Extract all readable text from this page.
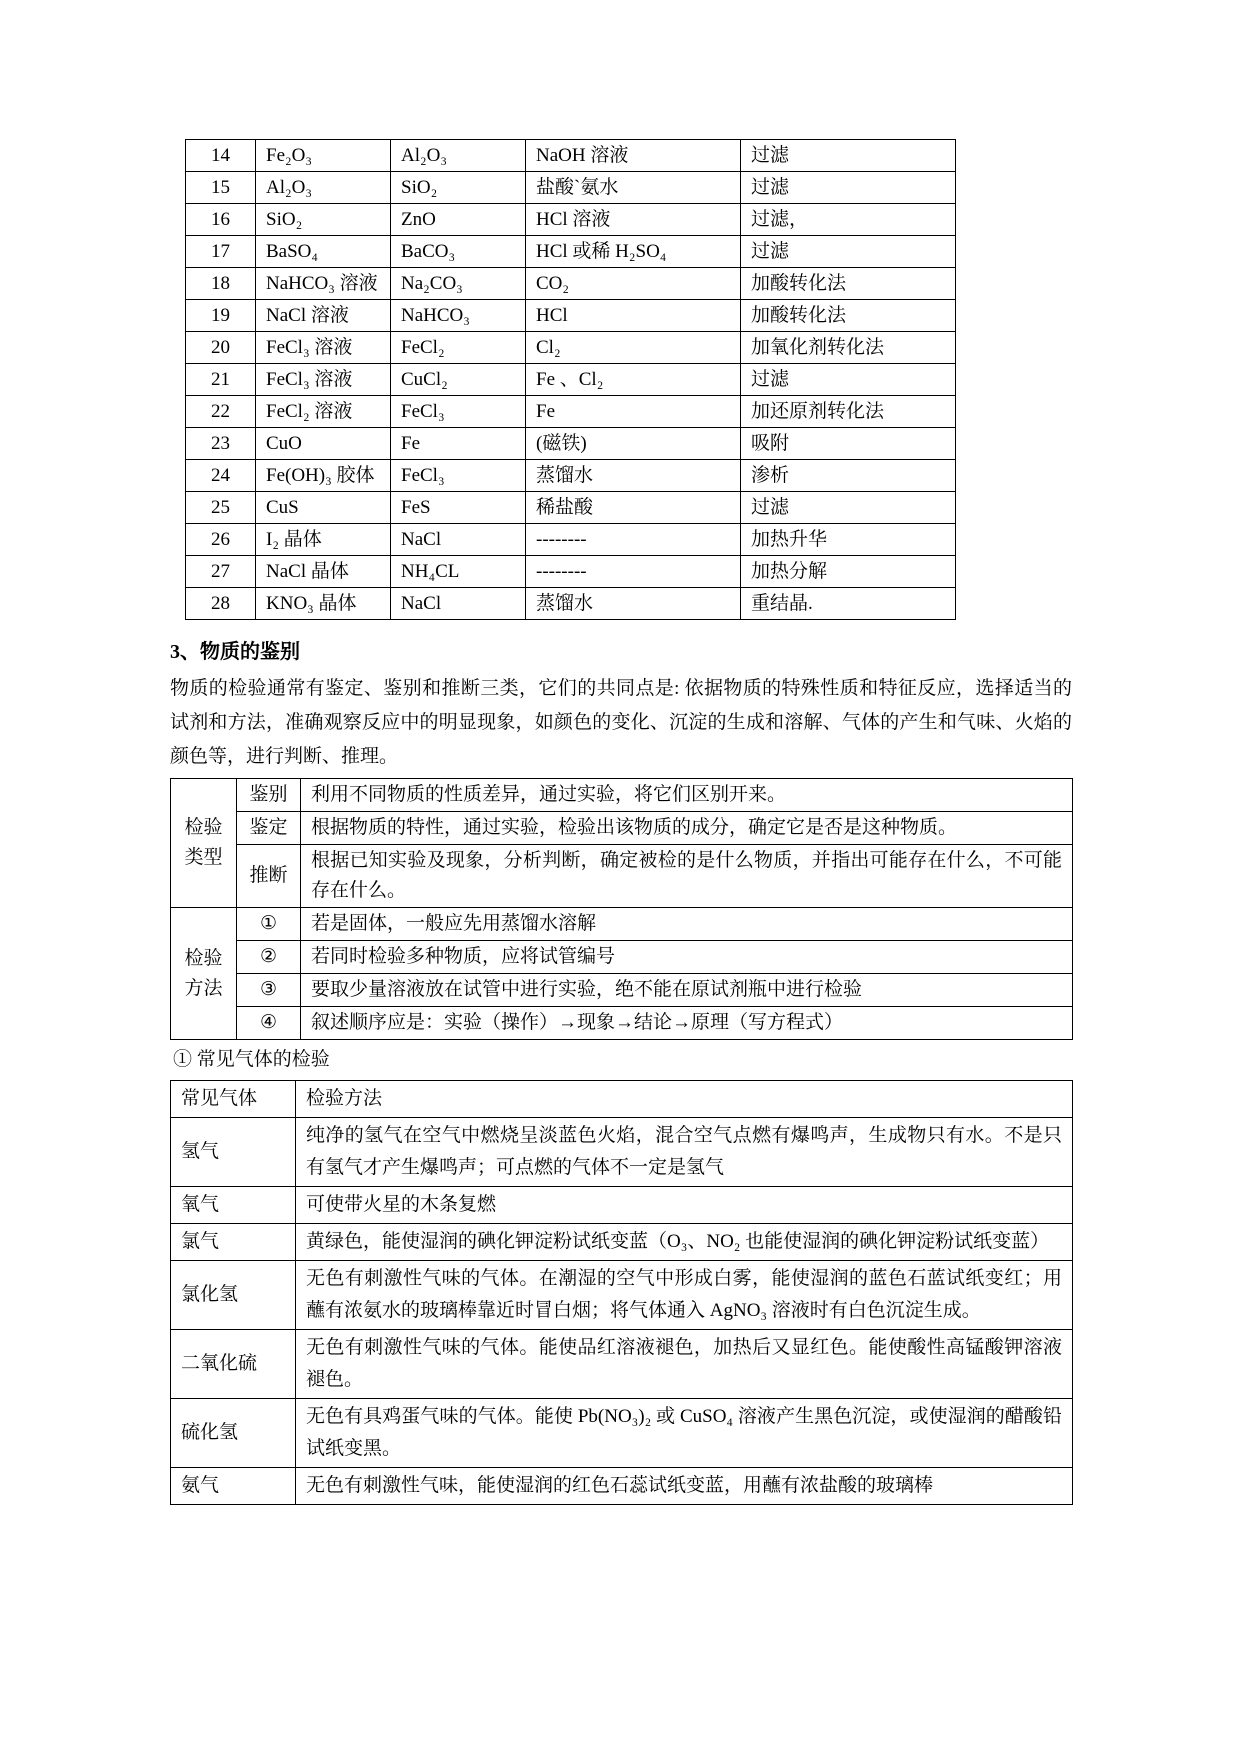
14	Fe₂O₃	Al₂O₃	NaOH 溶液	过滤
15	Al₂O₃	SiO₂	盐酸`氨水	过滤
16	SiO₂	ZnO	HCl 溶液	过滤，
17	BaSO₄	BaCO₃	HCl 或稀 H₂SO₄	过滤
18	NaHCO₃ 溶液	Na₂CO₃	CO₂	加酸转化法
19	NaCl 溶液	NaHCO₃	HCl	加酸转化法
20	FeCl₃ 溶液	FeCl₂	Cl₂	加氧化剂转化法
21	FeCl₃ 溶液	CuCl₂	Fe 、Cl₂	过滤
22	FeCl₂ 溶液	FeCl₃	Fe	加还原剂转化法
23	CuO	Fe	(磁铁)	吸附
24	Fe(OH)₃ 胶体	FeCl₃	蒸馏水	渗析
25	CuS	FeS	稀盐酸	过滤
26	I₂ 晶体	NaCl	--------	加热升华
27	NaCl 晶体	NH₄CL	--------	加热分解
28	KNO₃ 晶体	NaCl	蒸馏水	重结晶.
3、物质的鉴别
物质的检验通常有鉴定、鉴别和推断三类，它们的共同点是: 依据物质的特殊性质和特征反应，选择适当的试剂和方法，准确观察反应中的明显现象，如颜色的变化、沉淀的生成和溶解、气体的产生和气味、火焰的颜色等，进行判断、推理。
检验类型	鉴别	利用不同物质的性质差异，通过实验，将它们区别开来。
	鉴定	根据物质的特性，通过实验，检验出该物质的成分，确定它是否是这种物质。
	推断	根据已知实验及现象，分析判断，确定被检的是什么物质，并指出可能存在什么，不可能存在什么。
检验方法	①	若是固体，一般应先用蒸馏水溶解
	②	若同时检验多种物质，应将试管编号
	③	要取少量溶液放在试管中进行实验，绝不能在原试剂瓶中进行检验
	④	叙述顺序应是：实验（操作）→现象→结论→原理（写方程式）
① 常见气体的检验
常见气体	检验方法
氢气	纯净的氢气在空气中燃烧呈淡蓝色火焰，混合空气点燃有爆鸣声，生成物只有水。不是只有氢气才产生爆鸣声；可点燃的气体不一定是氢气
氧气	可使带火星的木条复燃
氯气	黄绿色，能使湿润的碘化钾淀粉试纸变蓝（O₃、NO₂ 也能使湿润的碘化钾淀粉试纸变蓝）
氯化氢	无色有刺激性气味的气体。在潮湿的空气中形成白雾，能使湿润的蓝色石蓝试纸变红；用蘸有浓氨水的玻璃棒靠近时冒白烟；将气体通入 AgNO₃ 溶液时有白色沉淀生成。
二氧化硫	无色有刺激性气味的气体。能使品红溶液褪色，加热后又显红色。能使酸性高锰酸钾溶液褪色。
硫化氢	无色有具鸡蛋气味的气体。能使 Pb(NO₃)₂ 或 CuSO₄ 溶液产生黑色沉淀，或使湿润的醋酸铅试纸变黑。
氨气	无色有刺激性气味，能使湿润的红色石蕊试纸变蓝，用蘸有浓盐酸的玻璃棒
